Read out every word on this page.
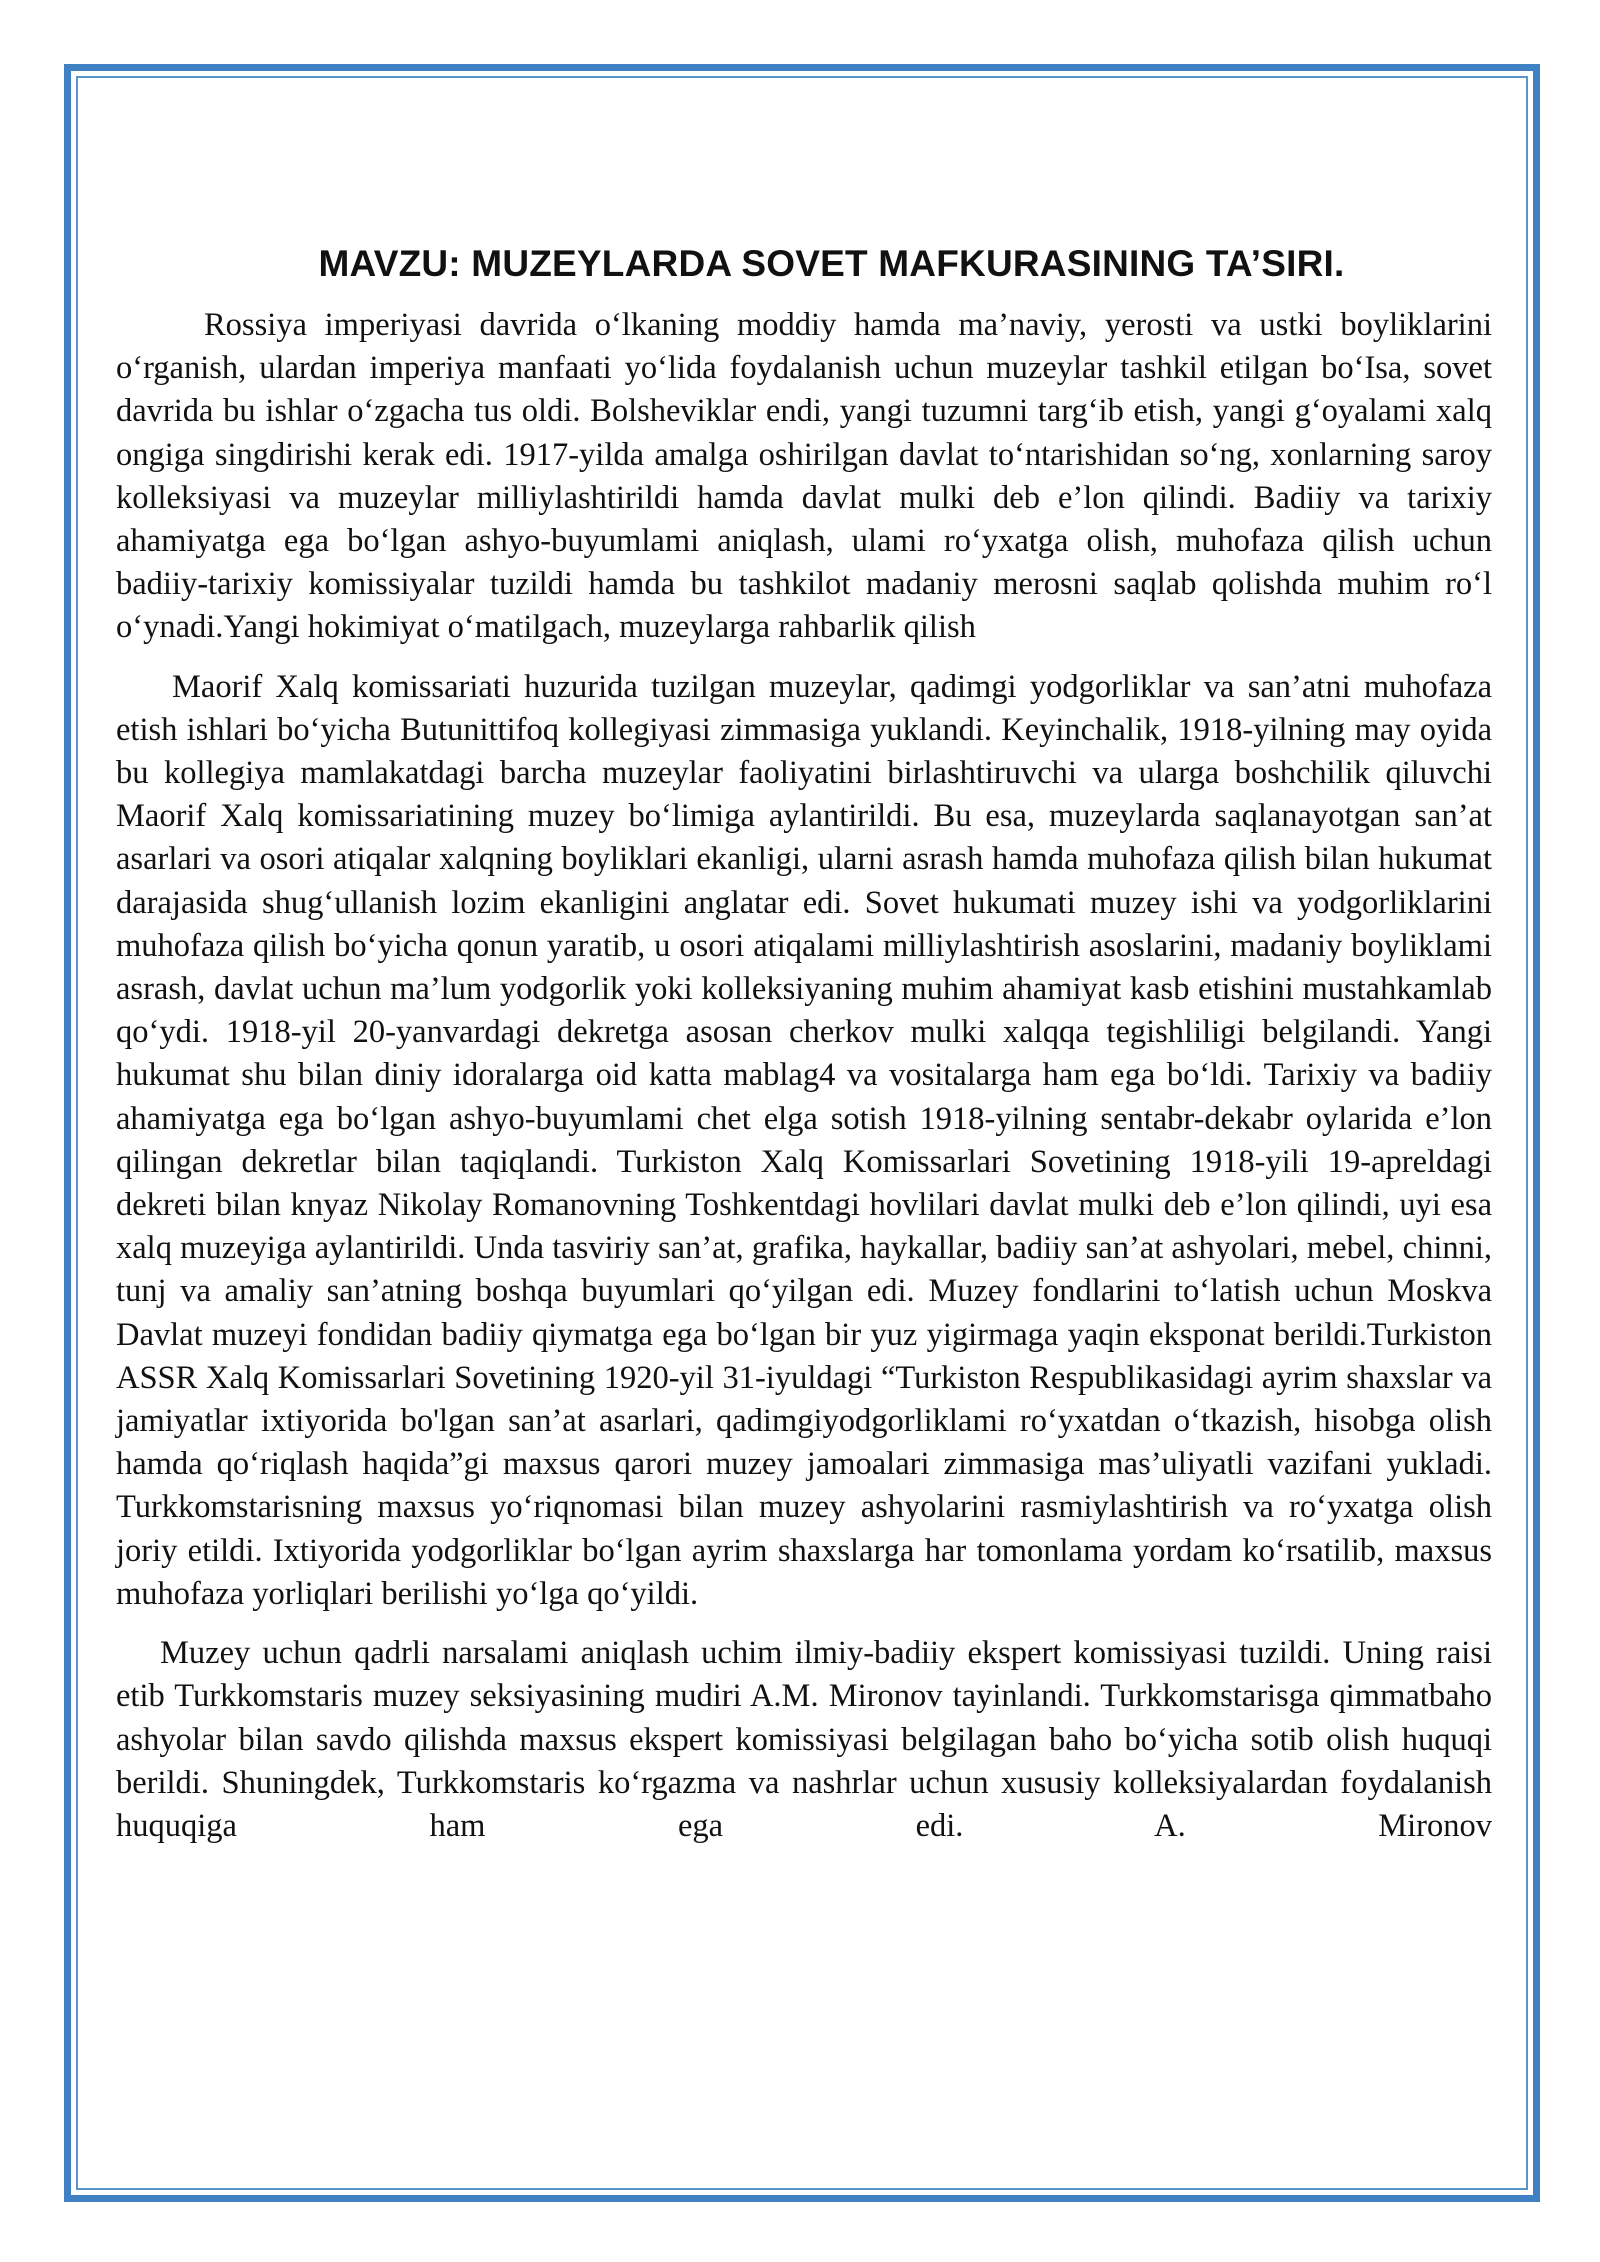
MAVZU: MUZEYLARDA SOVET MAFKURASINING TA’SIRI.

Rossiya imperiyasi davrida o‘lkaning moddiy hamda ma’naviy, yerosti va ustki boyliklarini o‘rganish, ulardan imperiya manfaati yo‘lida foydalanish uchun muzeylar tashkil etilgan bo‘Isa, sovet davrida bu ishlar o‘zgacha tus oldi. Bolsheviklar endi, yangi tuzumni targ‘ib etish, yangi g‘oyalami xalq ongiga singdirishi kerak edi. 1917-yilda amalga oshirilgan davlat to‘ntarishidan so‘ng, xonlarning saroy kolleksiyasi va muzeylar milliylashtirildi hamda davlat mulki deb e’lon qilindi. Badiiy va tarixiy ahamiyatga ega bo‘lgan ashyo-buyumlami aniqlash, ulami ro‘yxatga olish, muhofaza qilish uchun badiiy-tarixiy komissiyalar tuzildi hamda bu tashkilot madaniy merosni saqlab qolishda muhim ro‘l o‘ynadi.Yangi hokimiyat o‘matilgach, muzeylarga rahbarlik qilish

Maorif Xalq komissariati huzurida tuzilgan muzeylar, qadimgi yodgorliklar va san’atni muhofaza etish ishlari bo‘yicha Butunittifoq kollegiyasi zimmasiga yuklandi. Keyinchalik, 1918-yilning may oyida bu kollegiya mamlakatdagi barcha muzeylar faoliyatini birlashtiruvchi va ularga boshchilik qiluvchi Maorif Xalq komissariatining muzey bo‘limiga aylantirildi. Bu esa, muzeylarda saqlanayotgan san’at asarlari va osori atiqalar xalqning boyliklari ekanligi, ularni asrash hamda muhofaza qilish bilan hukumat darajasida shug‘ullanish lozim ekanligini anglatar edi. Sovet hukumati muzey ishi va yodgorliklarini muhofaza qilish bo‘yicha qonun yaratib, u osori atiqalami milliylashtirish asoslarini, madaniy boyliklami asrash, davlat uchun ma’lum yodgorlik yoki kolleksiyaning muhim ahamiyat kasb etishini mustahkamlab qo‘ydi. 1918-yil 20-yanvardagi dekretga asosan cherkov mulki xalqqa tegishliligi belgilandi. Yangi hukumat shu bilan diniy idoralarga oid katta mablag4 va vositalarga ham ega bo‘ldi. Tarixiy va badiiy ahamiyatga ega bo‘lgan ashyo-buyumlami chet elga sotish 1918-yilning sentabr-dekabr oylarida e’lon qilingan dekretlar bilan taqiqlandi. Turkiston Xalq Komissarlari Sovetining 1918-yili 19-apreldagi dekreti bilan knyaz Nikolay Romanovning Toshkentdagi hovlilari davlat mulki deb e’lon qilindi, uyi esa xalq muzeyiga aylantirildi. Unda tasviriy san’at, grafika, haykallar, badiiy san’at ashyolari, mebel, chinni, tunj va amaliy san’atning boshqa buyumlari qo‘yilgan edi. Muzey fondlarini to‘latish uchun Moskva Davlat muzeyi fondidan badiiy qiymatga ega bo‘lgan bir yuz yigirmaga yaqin eksponat berildi.Turkiston ASSR Xalq Komissarlari Sovetining 1920-yil 31-iyuldagi “Turkiston Respublikasidagi ayrim shaxslar va jamiyatlar ixtiyorida bo'lgan san’at asarlari, qadimgiyodgorliklami ro‘yxatdan o‘tkazish, hisobga olish hamda qo‘riqlash haqida”gi maxsus qarori muzey jamoalari zimmasiga mas’uliyatli vazifani yukladi. Turkkomstarisning maxsus yo‘riqnomasi bilan muzey ashyolarini rasmiylashtirish va ro‘yxatga olish joriy etildi. Ixtiyorida yodgorliklar bo‘lgan ayrim shaxslarga har tomonlama yordam ko‘rsatilib, maxsus muhofaza yorliqlari berilishi yo‘lga qo‘yildi.

Muzey uchun qadrli narsalami aniqlash uchim ilmiy-badiiy ekspert komissiyasi tuzildi. Uning raisi etib Turkkomstaris muzey seksiyasining mudiri A.M. Mironov tayinlandi. Turkkomstarisga qimmatbaho ashyolar bilan savdo qilishda maxsus ekspert komissiyasi belgilagan baho bo‘yicha sotib olish huquqi berildi. Shuningdek, Turkkomstaris ko‘rgazma va nashrlar uchun xususiy kolleksiyalardan foydalanish huquqiga ham ega edi. A. Mironov
